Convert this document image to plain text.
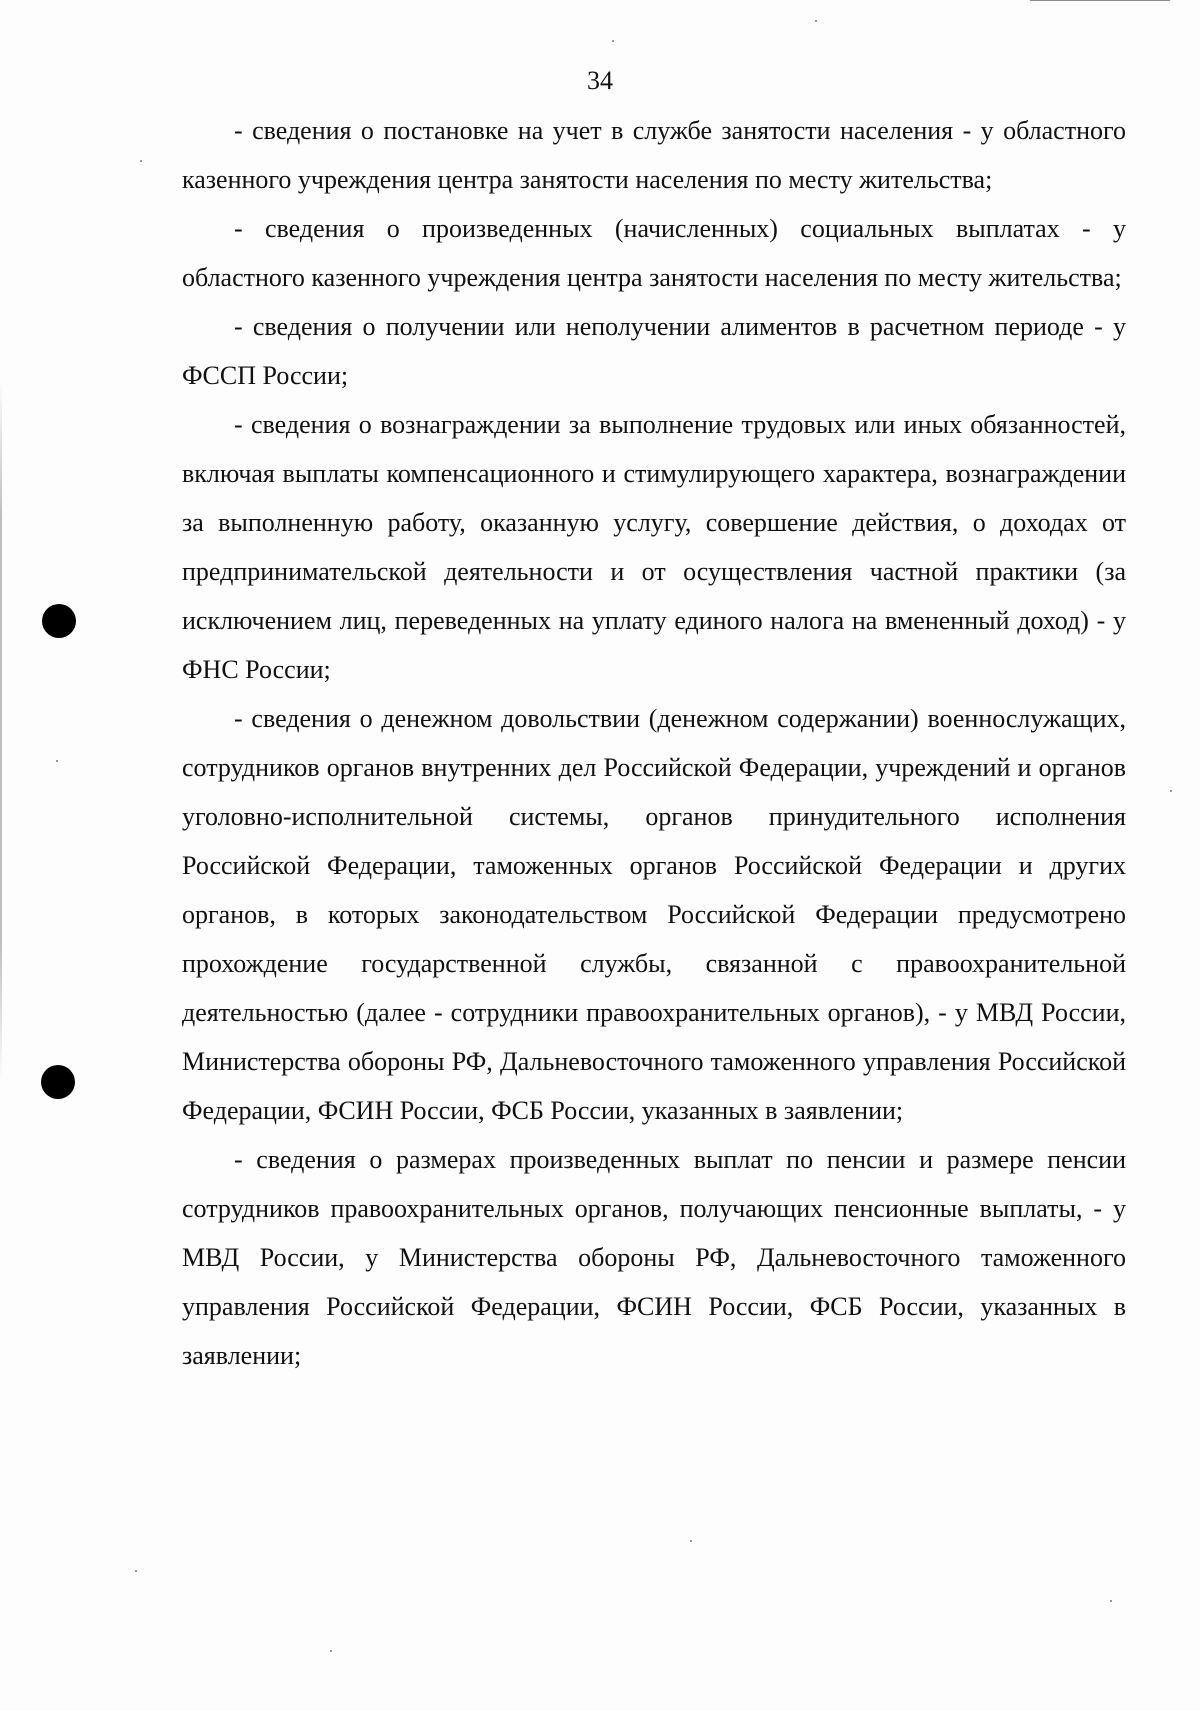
34

- сведения о постановке на учет в службе занятости населения - у областного казенного учреждения центра занятости населения по месту жительства;

- сведения о произведенных (начисленных) социальных выплатах - у областного казенного учреждения центра занятости населения по месту жительства;

- сведения о получении или неполучении алиментов в расчетном периоде - у ФССП России;

- сведения о вознаграждении за выполнение трудовых или иных обязанностей, включая выплаты компенсационного и стимулирующего характера, вознаграждении за выполненную работу, оказанную услугу, совершение действия, о доходах от предпринимательской деятельности и от осуществления частной практики (за исключением лиц, переведенных на уплату единого налога на вмененный доход) - у ФНС России;

- сведения о денежном довольствии (денежном содержании) военнослужащих, сотрудников органов внутренних дел Российской Федерации, учреждений и органов уголовно-исполнительной системы, органов принудительного исполнения Российской Федерации, таможенных органов Российской Федерации и других органов, в которых законодательством Российской Федерации предусмотрено прохождение государственной службы, связанной с правоохранительной деятельностью (далее - сотрудники правоохранительных органов), - у МВД России, Министерства обороны РФ, Дальневосточного таможенного управления Российской Федерации, ФСИН России, ФСБ России, указанных в заявлении;

- сведения о размерах произведенных выплат по пенсии и размере пенсии сотрудников правоохранительных органов, получающих пенсионные выплаты, - у МВД России, у Министерства обороны РФ, Дальневосточного таможенного управления Российской Федерации, ФСИН России, ФСБ России, указанных в заявлении;
